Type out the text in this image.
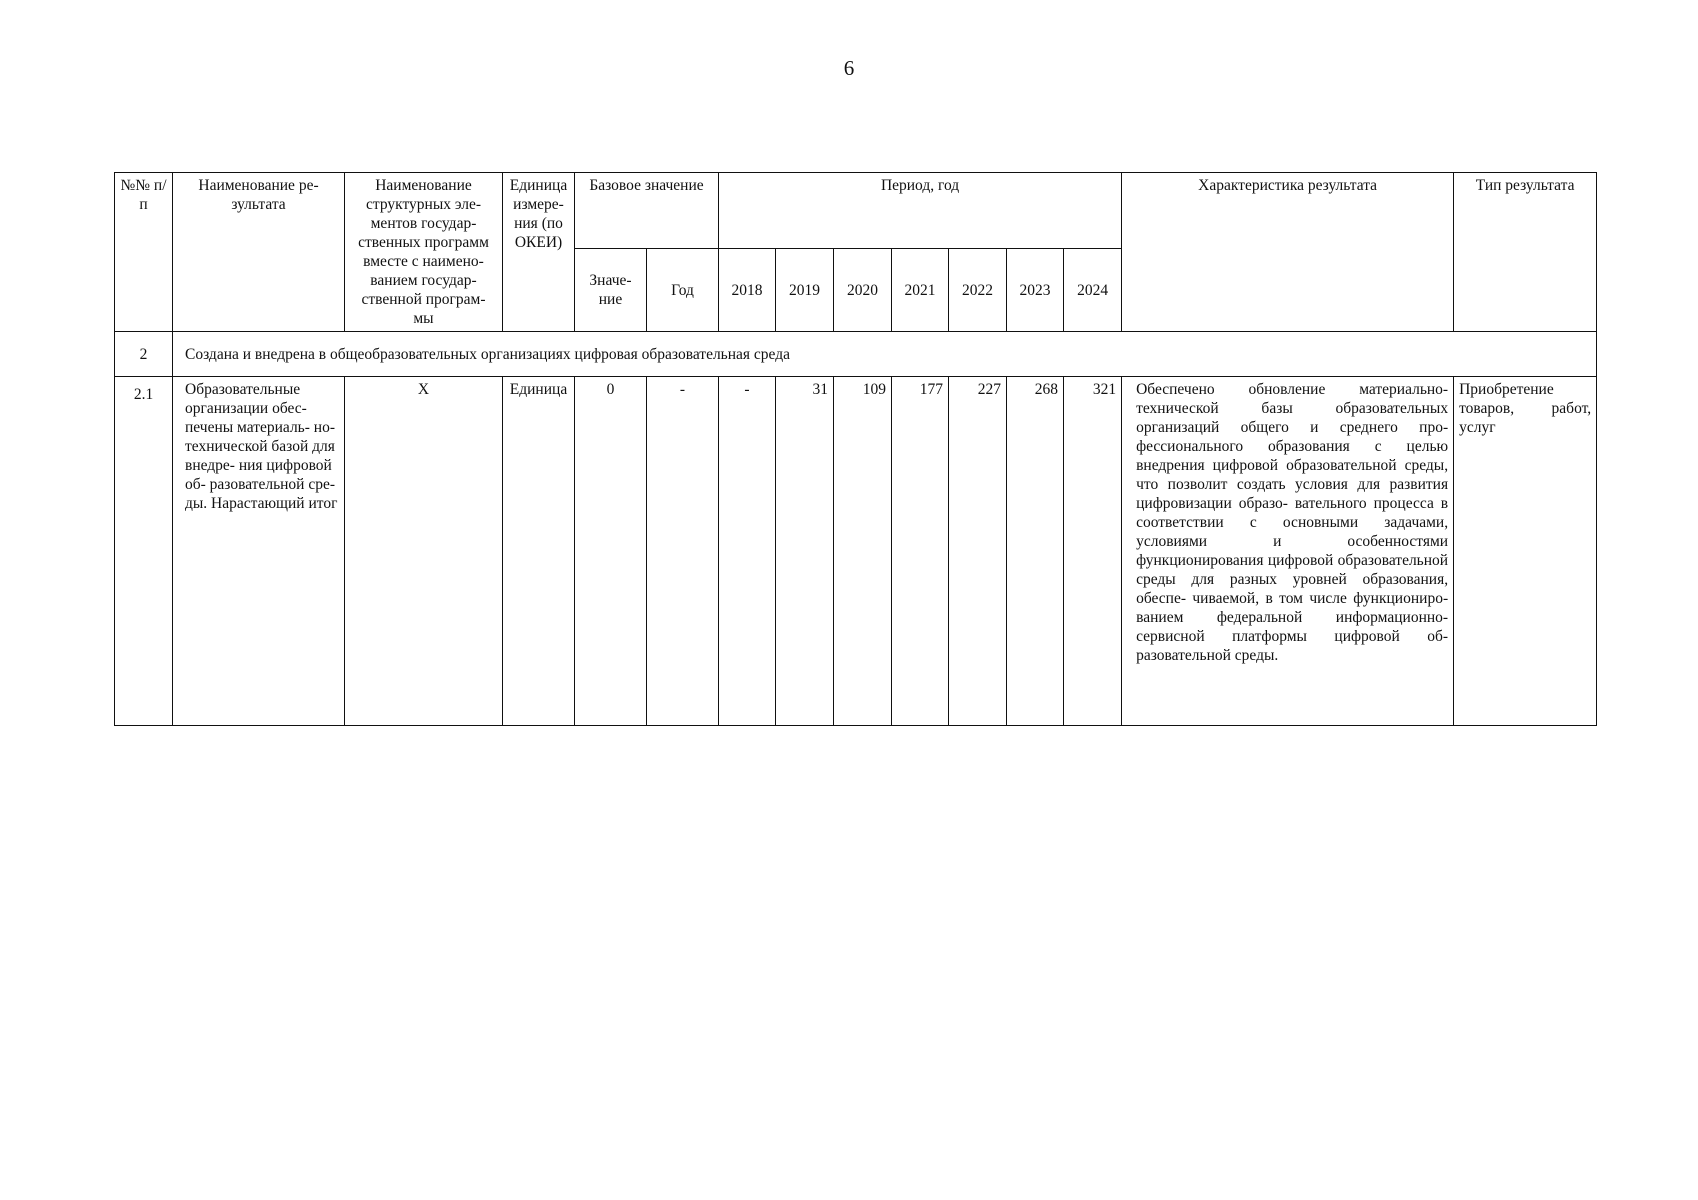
6
№№ п/п	Наименование ре- зультата	Наименование структурных эле- ментов государ- ственных программ вместе с наимено- ванием государ- ственной програм- мы	Единица измере- ния (по ОКЕИ)	Базовое значение		Период, год							Характеристика результата	Тип результата
				Значе- ние	Год	2018	2019	2020	2021	2022	2023	2024		
2	Создана и внедрена в общеобразовательных организациях цифровая образовательная среда													
2.1	Образовательные организации обес- печены материаль- но- технической базой для внедре- ния цифровой об- разовательной сре- ды. Нарастающий итог	X	Единица	0	-	-	31	109	177	227	268	321	Обеспечено обновление материально- технической базы образовательных организаций общего и среднего про- фессионального образования с целью внедрения цифровой образовательной среды, что позволит создать условия для развития цифровизации образо- вательного процесса в соответствии с основными задачами, условиями и особенностями функционирования цифровой образовательной среды для разных уровней образования, обеспе- чиваемой, в том числе функциониро- ванием федеральной информационно- сервисной платформы цифровой об- разовательной среды.	Приобретение товаров, работ, услуг
